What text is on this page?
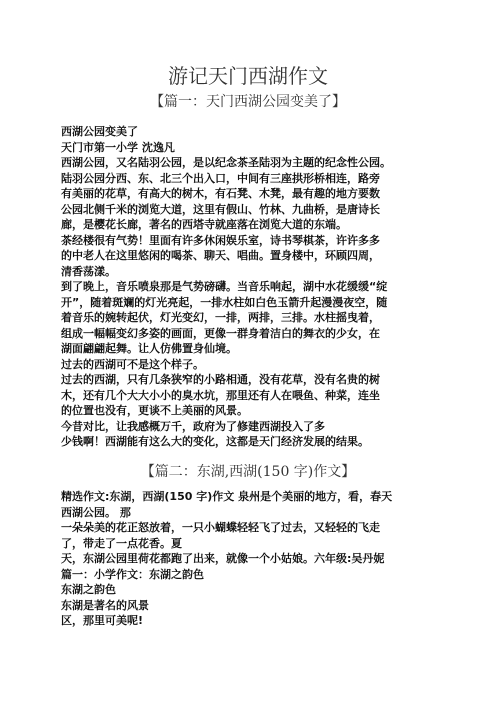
游记天门西湖作文
【篇一：天门西湖公园变美了】
西湖公园变美了
天门市第一小学 沈逸凡
西湖公园，又名陆羽公园，是以纪念茶圣陆羽为主题的纪念性公园。
陆羽公园分西、东、北三个出入口，中间有三座拱形桥相连，路旁
有美丽的花草，有高大的树木，有石凳、木凳，最有趣的地方要数
公园北侧千米的浏览大道，这里有假山、竹林、九曲桥，是唐诗长
廊，是樱花长廊，著名的西塔寺就座落在浏览大道的东端。
茶经楼很有气势！里面有许多休闲娱乐室，诗书琴棋茶，许许多多
的中老人在这里悠闲的喝茶、聊天、唱曲。置身楼中，环顾四周，
清香荡漾。
到了晚上，音乐喷泉那是气势磅礴。当音乐响起，湖中水花缓缓“绽
开”，随着斑斓的灯光亮起，一排水柱如白色玉箭升起漫漫夜空，随
着音乐的婉转起伏，灯光变幻，一排，两排，三排。水柱摇曳着，
组成一幅幅变幻多姿的画面，更像一群身着洁白的舞衣的少女，在
湖面翩翩起舞。让人仿佛置身仙境。
过去的西湖可不是这个样子。
过去的西湖，只有几条狭窄的小路相通，没有花草，没有名贵的树
木，还有几个大大小小的臭水坑，那里还有人在喂鱼、种菜，连坐
的位置也没有，更谈不上美丽的风景。
今昔对比，让我感概万千，政府为了修建西湖投入了多
少钱啊！西湖能有这么大的变化，这都是天门经济发展的结果。
【篇二：东湖,西湖(150 字)作文】
精选作文:东湖，西湖(150 字)作文 泉州是个美丽的地方，看，春天
西湖公园。 那
一朵朵美的花正怒放着，一只小蝴蝶轻轻飞了过去，又轻轻的飞走
了，带走了一点花香。夏
天，东湖公园里荷花都跑了出来，就像一个小姑娘。六年级:吴丹妮
篇一：小学作文：东湖之韵色
东湖之韵色
东湖是著名的风景
区，那里可美呢!
